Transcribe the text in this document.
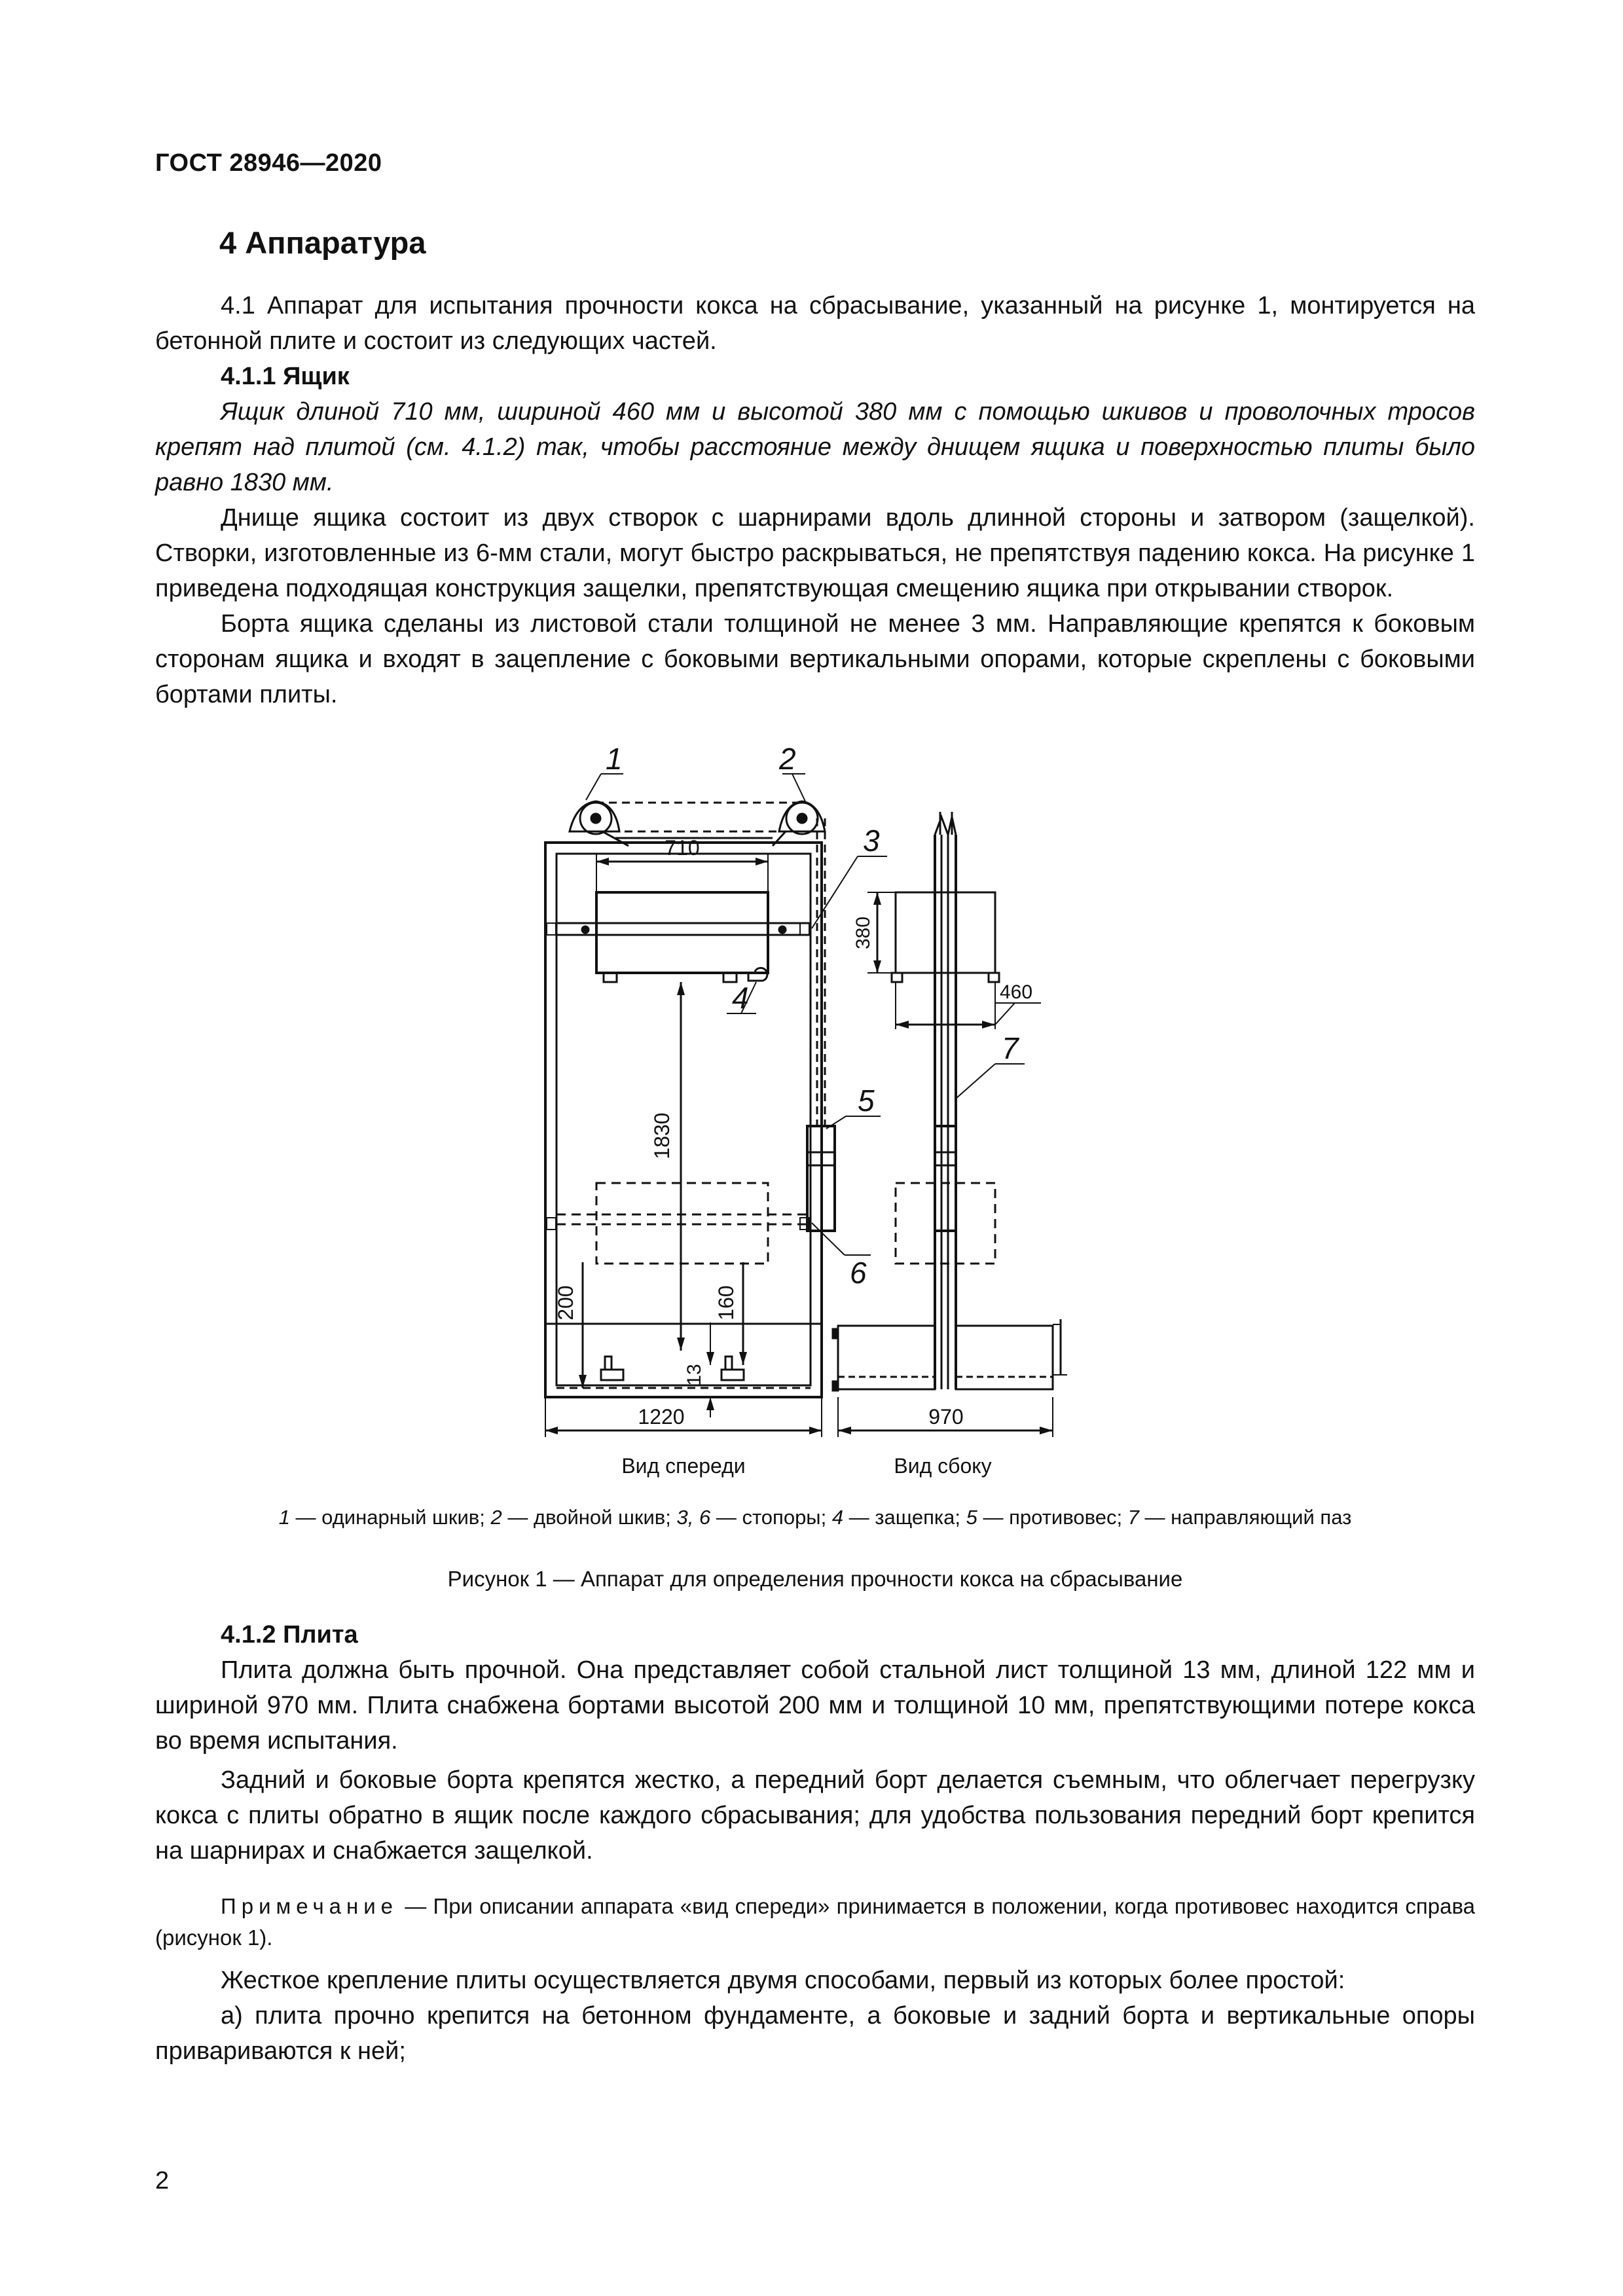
ГОСТ 28946—2020
4 Аппаратура
4.1 Аппарат для испытания прочности кокса на сбрасывание, указанный на рисунке 1, монтируется на бетонной плите и состоит из следующих частей.
4.1.1 Ящик
Ящик длиной 710 мм, шириной 460 мм и высотой 380 мм с помощью шкивов и проволочных тросов крепят над плитой (см. 4.1.2) так, чтобы расстояние между днищем ящика и поверхностью плиты было равно 1830 мм.
Днище ящика состоит из двух створок с шарнирами вдоль длинной стороны и затвором (защелкой). Створки, изготовленные из 6-мм стали, могут быстро раскрываться, не препятствуя падению кокса. На рисунке 1 приведена подходящая конструкция защелки, препятствующая смещению ящика при открывании створок.
Борта ящика сделаны из листовой стали толщиной не менее 3 мм. Направляющие крепятся к боковым сторонам ящика и входят в зацепление с боковыми вертикальными опорами, которые скреплены с боковыми бортами плиты.
710
1830
200	160
13
1220
Вид спереди
1	2
3
4
5
6
380
460
7
970
Вид сбоку
1 — одинарный шкив; 2 — двойной шкив; 3, 6 — стопоры; 4 — защепка; 5 — противовес; 7 — направляющий паз
Рисунок 1 — Аппарат для определения прочности кокса на сбрасывание
4.1.2 Плита
Плита должна быть прочной. Она представляет собой стальной лист толщиной 13 мм, длиной 122 мм и шириной 970 мм. Плита снабжена бортами высотой 200 мм и толщиной 10 мм, препятствующими потере кокса во время испытания.
Задний и боковые борта крепятся жестко, а передний борт делается съемным, что облегчает перегрузку кокса с плиты обратно в ящик после каждого сбрасывания; для удобства пользования передний борт крепится на шарнирах и снабжается защелкой.
Примечание — При описании аппарата «вид спереди» принимается в положении, когда противовес находится справа (рисунок 1).
Жесткое крепление плиты осуществляется двумя способами, первый из которых более простой:
а) плита прочно крепится на бетонном фундаменте, а боковые и задний борта и вертикальные опоры привариваются к ней;
2
